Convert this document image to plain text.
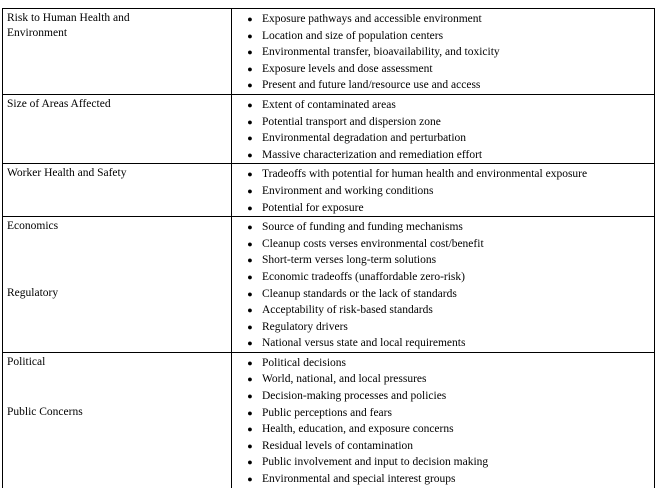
Risk to Human Health and
Environment
● Exposure pathways and accessible environment
● Location and size of population centers
● Environmental transfer, bioavailability, and toxicity
● Exposure levels and dose assessment
● Present and future land/resource use and access
Size of Areas Affected	● Extent of contaminated areas
● Potential transport and dispersion zone
● Environmental degradation and perturbation
● Massive characterization and remediation effort
Worker Health and Safety	● Tradeoffs with potential for human health and environmental exposure
● Environment and working conditions
● Potential for exposure
Economics
Regulatory
● Source of funding and funding mechanisms
● Cleanup costs verses environmental cost/benefit
● Short-term verses long-term solutions
● Economic tradeoffs (unaffordable zero-risk)
● Cleanup standards or the lack of standards
● Acceptability of risk-based standards
● Regulatory drivers
● National versus state and local requirements
Political
Public Concerns
● Political decisions
● World, national, and local pressures
● Decision-making processes and policies
● Public perceptions and fears
● Health, education, and exposure concerns
● Residual levels of contamination
● Public involvement and input to decision making
● Environmental and special interest groups
